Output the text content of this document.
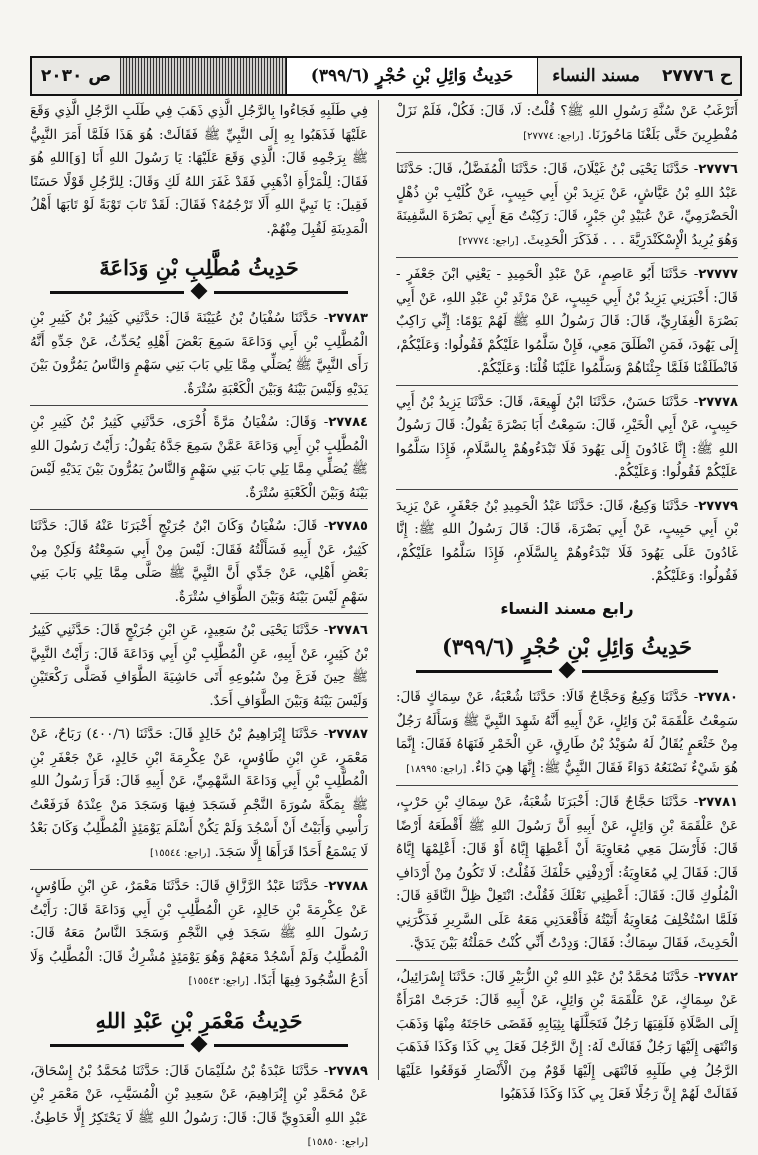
ح ٢٧٧٧٦
مسند النساء
حَدِيثُ وَائِلِ بْنِ حُجْرٍ

(٣٩٩/٦)
ص ٢٠٣٠

أَتَرْغَبُ عَنْ سُنَّةِ رَسُولِ اللهِ ﷺ؟ قُلْتُ: لَا، قَالَ: فَكُلْ، فَلَمْ نَزَلْ مُفْطِرِينَ حَتَّى بَلَغْنَا مَاحُوزَنَا. [راجع: ٢٧٧٧٤]

٢٧٧٧٦- حَدَّثَنَا يَحْيَى بْنُ غَيْلَانَ، قَالَ: حَدَّثَنَا الْمُفَضَّلُ، قَالَ: حَدَّثَنَا عَبْدُ اللهِ بْنُ عَيَّاشٍ، عَنْ يَزِيدَ بْنِ أَبِي حَبِيبٍ، عَنْ كُلَيْبِ بْنِ ذُهْلٍ الْحَضْرَمِيِّ، عَنْ عُبَيْدِ بْنِ جَبْرٍ، قَالَ: رَكِبْتُ مَعَ أَبِي بَصْرَةَ السَّفِينَةَ وَهُوَ يُرِيدُ الْإِسْكَنْدَرِيَّةَ . . . فَذَكَرَ الْحَدِيثَ. [راجع: ٢٧٧٧٤]

٢٧٧٧٧- حَدَّثَنَا أَبُو عَاصِمٍ، عَنْ عَبْدِ الْحَمِيدِ - يَعْنِي ابْنَ جَعْفَرٍ - قَالَ: أَخْبَرَنِي يَزِيدُ بْنُ أَبِي حَبِيبٍ، عَنْ مَرْثَدِ بْنِ عَبْدِ اللهِ، عَنْ أَبِي بَصْرَةَ الْغِفَارِيِّ، قَالَ: قَالَ رَسُولُ اللهِ ﷺ لَهُمْ يَوْمًا: إِنِّي رَاكِبٌ إِلَى يَهُودَ، فَمَنِ انْطَلَقَ مَعِي، فَإِنْ سَلَّمُوا عَلَيْكُمْ فَقُولُوا: وَعَلَيْكُمْ، فَانْطَلَقْنَا فَلَمَّا جِئْنَاهُمْ وَسَلَّمُوا عَلَيْنَا قُلْنَا: وَعَلَيْكُمْ.

٢٧٧٧٨- حَدَّثَنَا حَسَنٌ، حَدَّثَنَا ابْنُ لَهِيعَةَ، قَالَ: حَدَّثَنَا يَزِيدُ بْنُ أَبِي حَبِيبٍ، عَنْ أَبِي الْخَيْرِ، قَالَ: سَمِعْتُ أَبَا بَصْرَةَ يَقُولُ: قَالَ رَسُولُ اللهِ ﷺ: إِنَّا غَادُونَ إِلَى يَهُودَ فَلَا تَبْدَءُوهُمْ بِالسَّلَامِ، فَإِذَا سَلَّمُوا عَلَيْكُمْ فَقُولُوا: وَعَلَيْكُمْ.

٢٧٧٧٩- حَدَّثَنَا وَكِيعٌ، قَالَ: حَدَّثَنَا عَبْدُ الْحَمِيدِ بْنُ جَعْفَرٍ، عَنْ يَزِيدَ بْنِ أَبِي حَبِيبٍ، عَنْ أَبِي بَصْرَةَ، قَالَ: قَالَ رَسُولُ اللهِ ﷺ: إِنَّا غَادُونَ عَلَى يَهُودَ فَلَا تَبْدَءُوهُمْ بِالسَّلَامِ، فَإِذَا سَلَّمُوا عَلَيْكُمْ، فَقُولُوا: وَعَلَيْكُمْ.

رابع مسند النساء
حَدِيثُ وَائِلِ بْنِ حُجْرٍ (٣٩٩/٦)

٢٧٧٨٠- حَدَّثَنَا وَكِيعٌ وَحَجَّاجٌ قَالَا: حَدَّثَنَا شُعْبَةُ، عَنْ سِمَاكٍ قَالَ: سَمِعْتُ عَلْقَمَةَ بْنَ وَائِلٍ، عَنْ أَبِيهِ أَنَّهُ شَهِدَ النَّبِيَّ ﷺ وَسَأَلَهُ رَجُلٌ مِنْ خَثْعَمٍ يُقَالُ لَهُ سُوَيْدُ بْنُ طَارِقٍ، عَنِ الْخَمْرِ فَنَهَاهُ فَقَالَ: إِنَّمَا هُوَ شَيْءٌ نَصْنَعُهُ دَوَاءً فَقَالَ النَّبِيُّ ﷺ: إِنَّهَا هِيَ دَاءٌ. [راجع: ١٨٩٩٥]

٢٧٧٨١- حَدَّثَنَا حَجَّاجٌ قَالَ: أَخْبَرَنَا شُعْبَةُ، عَنْ سِمَاكِ بْنِ حَرْبٍ، عَنْ عَلْقَمَةَ بْنِ وَائِلٍ، عَنْ أَبِيهِ أَنَّ رَسُولَ اللهِ ﷺ أَقْطَعَهُ أَرْضًا قَالَ: فَأَرْسَلَ مَعِي مُعَاوِيَةَ أَنْ أَعْطِهَا إِيَّاهُ أَوْ قَالَ: أَعْلِمْهَا إِيَّاهُ قَالَ: فَقَالَ لِي مُعَاوِيَةُ: أَرْدِفْنِي خَلْفَكَ فَقُلْتُ: لَا تَكُونُ مِنْ أَرْدَافِ الْمُلُوكِ قَالَ: فَقَالَ: أَعْطِنِي نَعْلَكَ فَقُلْتُ: انْتَعِلْ ظِلَّ النَّاقَةِ قَالَ: فَلَمَّا اسْتُخْلِفَ مُعَاوِيَةُ أَتَيْتُهُ فَأَقْعَدَنِي مَعَهُ عَلَى السَّرِيرِ فَذَكَّرَنِي الْحَدِيثَ، فَقَالَ سِمَاكٌ: فَقَالَ: وَدِدْتُ أَنِّي كُنْتُ حَمَلْتُهُ بَيْنَ يَدَيَّ.

٢٧٧٨٢- حَدَّثَنَا مُحَمَّدُ بْنُ عَبْدِ اللهِ بْنِ الزُّبَيْرِ قَالَ: حَدَّثَنَا إِسْرَائِيلُ، عَنْ سِمَاكٍ، عَنْ عَلْقَمَةَ بْنِ وَائِلٍ، عَنْ أَبِيهِ قَالَ: خَرَجَتْ امْرَأَةٌ إِلَى الصَّلَاةِ فَلَقِيَهَا رَجُلٌ فَتَجَلَّلَهَا بِثِيَابِهِ فَقَضَى حَاجَتَهُ مِنْهَا وَذَهَبَ وَانْتَهَى إِلَيْهَا رَجُلٌ فَقَالَتْ لَهُ: إِنَّ الرَّجُلَ فَعَلَ بِي كَذَا وَكَذَا فَذَهَبَ الرَّجُلُ فِي طَلَبِهِ فَانْتَهَى إِلَيْهَا قَوْمٌ مِنَ الْأَنْصَارِ فَوَقَعُوا عَلَيْهَا فَقَالَتْ لَهُمْ إِنَّ رَجُلًا فَعَلَ بِي كَذَا وَكَذَا فَذَهَبُوا

فِي طَلَبِهِ فَجَاءُوا بِالرَّجُلِ الَّذِي ذَهَبَ فِي طَلَبِ الرَّجُلِ الَّذِي وَقَعَ عَلَيْهَا فَذَهَبُوا بِهِ إِلَى النَّبِيِّ ﷺ فَقَالَتْ: هُوَ هَذَا فَلَمَّا أَمَرَ النَّبِيُّ ﷺ بِرَجْمِهِ قَالَ: الَّذِي وَقَعَ عَلَيْهَا: يَا رَسُولَ اللهِ أَنَا [وَ]اللهِ هُوَ فَقَالَ: لِلْمَرْأَةِ اذْهَبِي فَقَدْ غَفَرَ اللهُ لَكِ وَقَالَ: لِلرَّجُلِ قَوْلًا حَسَنًا فَقِيلَ: يَا نَبِيَّ اللهِ أَلَا تَرْجُمُهُ؟ فَقَالَ: لَقَدْ تَابَ تَوْبَةً لَوْ تَابَهَا أَهْلُ الْمَدِينَةِ لَقُبِلَ مِنْهُمْ.

حَدِيثُ مُطَّلِبِ بْنِ وَدَاعَةَ

٢٧٧٨٣- حَدَّثَنَا سُفْيَانُ بْنُ عُيَيْنَةَ قَالَ: حَدَّثَنِي كَثِيرُ بْنُ كَثِيرِ بْنِ الْمُطَّلِبِ بْنِ أَبِي وَدَاعَةَ سَمِعَ بَعْضَ أَهْلِهِ يُحَدِّثُ، عَنْ جَدِّهِ أَنَّهُ رَأَى النَّبِيَّ ﷺ يُصَلِّي مِمَّا يَلِي بَابَ بَنِي سَهْمٍ وَالنَّاسُ يَمُرُّونَ بَيْنَ يَدَيْهِ وَلَيْسَ بَيْنَهُ وَبَيْنَ الْكَعْبَةِ سُتْرَةٌ.

٢٧٧٨٤- وَقَالَ: سُفْيَانُ مَرَّةً أُخْرَى، حَدَّثَنِي كَثِيرُ بْنُ كَثِيرِ بْنِ الْمُطَّلِبِ بْنِ أَبِي وَدَاعَةَ عَمَّنْ سَمِعَ جَدَّهُ يَقُولُ: رَأَيْتُ رَسُولَ اللهِ ﷺ يُصَلِّي مِمَّا يَلِي بَابَ بَنِي سَهْمٍ وَالنَّاسُ يَمُرُّونَ بَيْنَ يَدَيْهِ لَيْسَ بَيْنَهُ وَبَيْنَ الْكَعْبَةِ سُتْرَةٌ.

٢٧٧٨٥- قَالَ: سُفْيَانُ وَكَانَ ابْنُ جُرَيْجٍ أَخْبَرَنَا عَنْهُ قَالَ: حَدَّثَنَا كَثِيرٌ، عَنْ أَبِيهِ فَسَأَلْتُهُ فَقَالَ: لَيْسَ مِنْ أَبِي سَمِعْتُهُ وَلَكِنْ مِنْ بَعْضِ أَهْلِي، عَنْ جَدِّي أَنَّ النَّبِيَّ ﷺ صَلَّى مِمَّا يَلِي بَابَ بَنِي سَهْمٍ لَيْسَ بَيْنَهُ وَبَيْنَ الطَّوَافِ سُتْرَةٌ.

٢٧٧٨٦- حَدَّثَنَا يَحْيَى بْنُ سَعِيدٍ، عَنِ ابْنِ جُرَيْجٍ قَالَ: حَدَّثَنِي كَثِيرُ بْنُ كَثِيرٍ، عَنْ أَبِيهِ، عَنِ الْمُطَّلِبِ بْنِ أَبِي وَدَاعَةَ قَالَ: رَأَيْتُ النَّبِيَّ ﷺ حِينَ فَرَغَ مِنْ سُبُوعِهِ أَتَى حَاشِيَةَ الطَّوَافِ فَصَلَّى رَكْعَتَيْنِ وَلَيْسَ بَيْنَهُ وَبَيْنَ الطَّوَافِ أَحَدٌ.

٢٧٧٨٧- حَدَّثَنَا إِبْرَاهِيمُ بْنُ خَالِدٍ قَالَ: حَدَّثَنَا (٤٠٠/٦) رَبَاحٌ، عَنْ مَعْمَرٍ، عَنِ ابْنِ طَاوُسٍ، عَنْ عِكْرِمَةَ ابْنِ خَالِدٍ، عَنْ جَعْفَرِ بْنِ الْمُطَّلِبِ بْنِ أَبِي وَدَاعَةَ السَّهْمِيِّ، عَنْ أَبِيهِ قَالَ: قَرَأَ رَسُولُ اللهِ ﷺ بِمَكَّةَ سُورَةَ النَّجْمِ فَسَجَدَ فِيهَا وَسَجَدَ مَنْ عِنْدَهُ فَرَفَعْتُ رَأْسِي وَأَبَيْتُ أَنْ أَسْجُدَ وَلَمْ يَكُنْ أَسْلَمَ يَوْمَئِذٍ الْمُطَّلِبُ وَكَانَ بَعْدُ لَا يَسْمَعُ أَحَدًا قَرَأَهَا إِلَّا سَجَدَ. [راجع: ١٥٥٤٤]

٢٧٧٨٨- حَدَّثَنَا عَبْدُ الرَّزَّاقِ قَالَ: حَدَّثَنَا مَعْمَرٌ، عَنِ ابْنِ طَاوُسٍ، عَنْ عِكْرِمَةَ بْنِ خَالِدٍ، عَنِ الْمُطَّلِبِ بْنِ أَبِي وَدَاعَةَ قَالَ: رَأَيْتُ رَسُولَ اللهِ ﷺ سَجَدَ فِي النَّجْمِ وَسَجَدَ النَّاسُ مَعَهُ قَالَ: الْمُطَّلِبُ وَلَمْ أَسْجُدْ مَعَهُمْ وَهُوَ يَوْمَئِذٍ مُشْرِكٌ قَالَ: الْمُطَّلِبُ وَلَا أَدَعُ السُّجُودَ فِيهَا أَبَدًا. [راجع: ١٥٥٤٣]

حَدِيثُ مَعْمَرِ بْنِ عَبْدِ اللهِ

٢٧٧٨٩- حَدَّثَنَا عَبْدَةُ بْنُ سُلَيْمَانَ قَالَ: حَدَّثَنَا مُحَمَّدُ بْنُ إِسْحَاقَ، عَنْ مُحَمَّدِ بْنِ إِبْرَاهِيمَ، عَنْ سَعِيدِ بْنِ الْمُسَيَّبِ، عَنْ مَعْمَرِ بْنِ عَبْدِ اللهِ الْعَدَوِيِّ قَالَ: قَالَ: رَسُولُ اللهِ ﷺ لَا يَحْتَكِرُ إِلَّا خَاطِئٌ. [راجع: ١٥٨٥٠]
